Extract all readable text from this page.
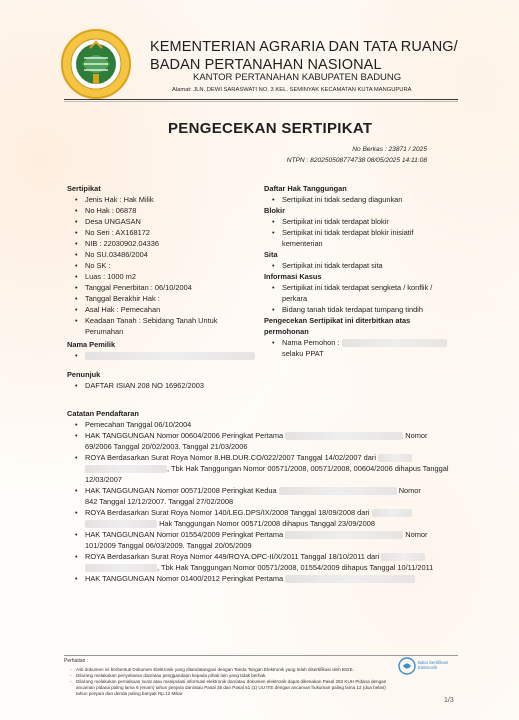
KEMENTERIAN AGRARIA DAN TATA RUANG/
BADAN PERTANAHAN NASIONAL
KANTOR PERTANAHAN KABUPATEN BADUNG
Alamat: JLN. DEWI SARASWATI NO. 3 KEL. SEMINYAK KECAMATAN KUTA MANGUPURA
PENGECEKAN SERTIPIKAT
No Berkas : 23871 / 2025
NTPN : 820250508774738 08/05/2025 14:11:08
Sertipikat
• Jenis Hak : Hak Milik
• No Hak : 06878
• Desa UNGASAN
• No Seri : AX168172
• NIB : 22030902.04336
• No SU.03486/2004
• No SK :
• Luas : 1000 m2
• Tanggal Penerbitan : 06/10/2004
• Tanggal Berakhir Hak :
• Asal Hak : Pemecahan
• Keadaan Tanah : Sebidang Tanah Untuk
Perumahan
Nama Pemilik
•
Penunjuk
• DAFTAR ISIAN 208 NO 16962/2003
Daftar Hak Tanggungan
• Sertipikat ini tidak sedang diagunkan
Blokir
• Sertipikat ini tidak terdapat blokir
• Sertipikat ini tidak terdapat blokir inisiatif
kementerian
Sita
• Sertipikat ini tidak terdapat sita
Informasi Kasus
• Sertipikat ini tidak terdapat sengketa / konflik /
perkara
• Bidang tanah tidak terdapat tumpang tindih
Pengecekan Sertipikat ini diterbitkan atas
permohonan
• Nama Pemohon :
selaku PPAT
Catatan Pendaftaran
• Pemecahan Tanggal 06/10/2004
• HAK TANGGUNGAN Nomor 00604/2006 Peringkat Pertama	Nomor
69/2006 Tanggal 20/02/2003. Tanggal 21/03/2006
• ROYA Berdasarkan Surat Roya Nomor 8.HB.DUR.CO/022/2007 Tanggal 14/02/2007 dari
, Tbk Hak Tanggungan Nomor 00571/2008, 00571/2008, 00604/2006 dihapus Tanggal
12/03/2007
• HAK TANGGUNGAN Nomor 00571/2008 Peringkat Kedua	Nomor
842 Tanggal 12/12/2007. Tanggal 27/02/2008
• ROYA Berdasarkan Surat Roya Nomor 140/LEG.DPS/IX/2008 Tanggal 18/09/2008 dari
Hak Tanggungan Nomor 00571/2008 dihapus Tanggal 23/09/2008
• HAK TANGGUNGAN Nomor 01554/2009 Peringkat Pertama	Nomor
101/2009 Tanggal 06/03/2009. Tanggal 20/05/2009
• ROYA Berdasarkan Surat Roya Nomor 449/ROYA.OPC-II/X/2011 Tanggal 18/10/2011 dari
, Tbk Hak Tanggungan Nomor 00571/2008, 01554/2009 dihapus Tanggal 10/11/2011
• HAK TANGGUNGAN Nomor 01400/2012 Peringkat Pertama
Perhatian :
- Asli dokumen ini berbentuk Dokumen Elektronik yang ditandatangani dengan Tanda Tangan Elektronik yang telah disertifikasi oleh BSrE.
- Dilarang melakukan penyebaran dan/atau penggandaan kepada pihak lain yang tidak berhak.
- Dilarang melakukan pemalsuan surat atau manipulasi informasi elektronik dan/atau dokumen elektronik dapat dikenakan Pasal 263 KUH Pidana dengan ancaman pidana paling lama 6 (enam) tahun penjara dan/atau Pasal 35 dan Pasal 51 (1) UU ITE dengan ancaman hukuman paling lama 12 (dua belas) tahun penjara dan denda paling banyak Rp.12 Miliar.
Balai Sertifikasi Elektronik
1/3
